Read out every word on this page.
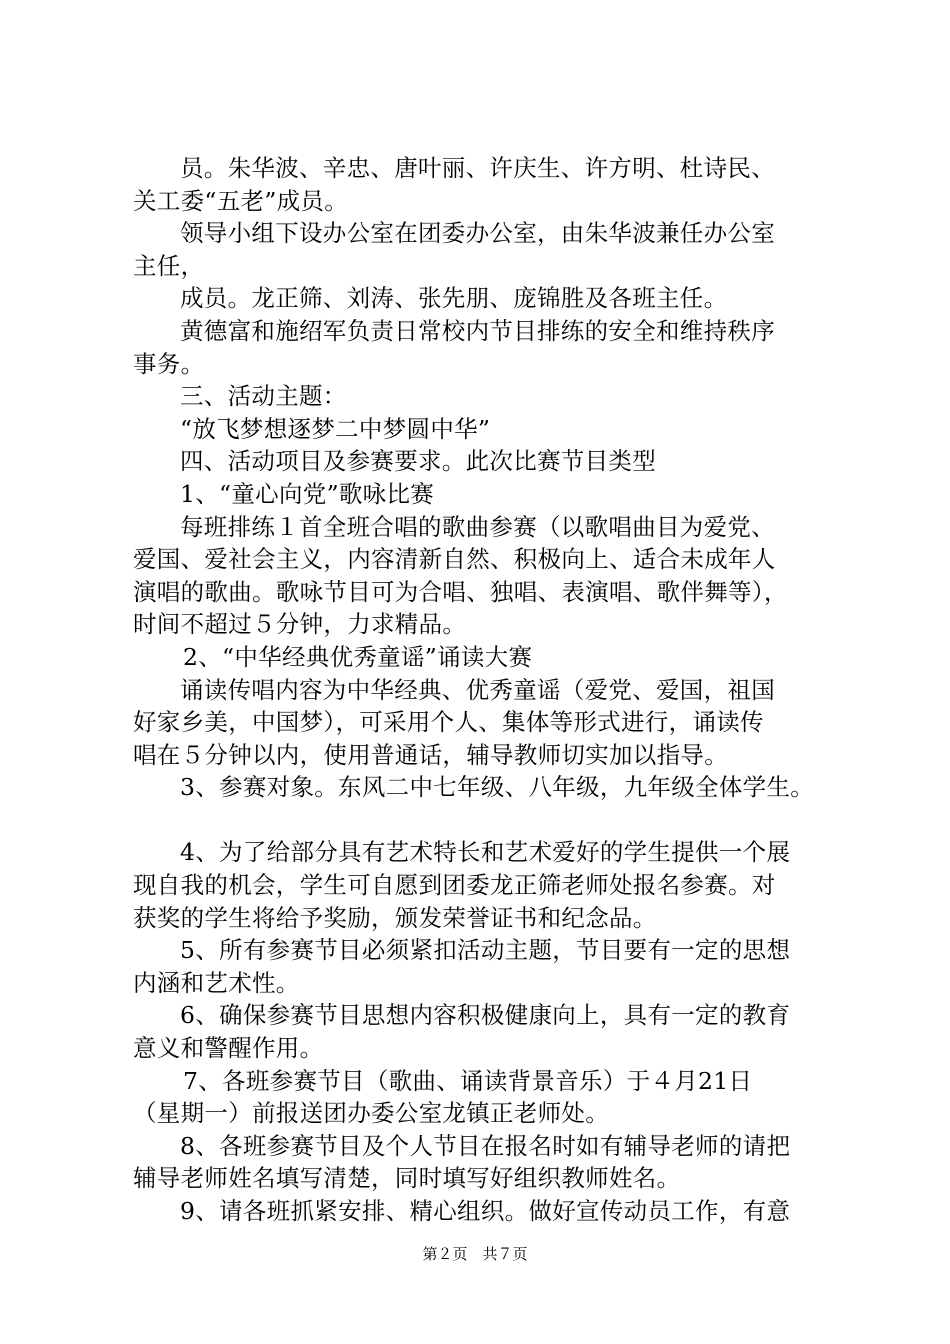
员。朱华波、辛忠、唐叶丽、许庆生、许方明、杜诗民、
关工委“五老”成员。
领导小组下设办公室在团委办公室，由朱华波兼任办公室
主任，
成员。龙正筛、刘涛、张先朋、庞锦胜及各班主任。
黄德富和施绍军负责日常校内节目排练的安全和维持秩序
事务。
三、活动主题：
“放飞梦想逐梦二中梦圆中华”
四、活动项目及参赛要求。此次比赛节目类型
1、“童心向党”歌咏比赛
每班排练１首全班合唱的歌曲参赛（以歌唱曲目为爱党、
爱国、爱社会主义，内容清新自然、积极向上、适合未成年人
演唱的歌曲。歌咏节目可为合唱、独唱、表演唱、歌伴舞等），
时间不超过５分钟，力求精品。
2、“中华经典优秀童谣”诵读大赛
诵读传唱内容为中华经典、优秀童谣（爱党、爱国，祖国
好家乡美，中国梦），可采用个人、集体等形式进行，诵读传
唱在５分钟以内，使用普通话，辅导教师切实加以指导。
3、参赛对象。东风二中七年级、八年级，九年级全体学生。
4、为了给部分具有艺术特长和艺术爱好的学生提供一个展
现自我的机会，学生可自愿到团委龙正筛老师处报名参赛。对
获奖的学生将给予奖励，颁发荣誉证书和纪念品。
5、所有参赛节目必须紧扣活动主题，节目要有一定的思想
内涵和艺术性。
6、确保参赛节目思想内容积极健康向上，具有一定的教育
意义和警醒作用。
7、各班参赛节目（歌曲、诵读背景音乐）于４月21日
（星期一）前报送团办委公室龙镇正老师处。
8、各班参赛节目及个人节目在报名时如有辅导老师的请把
辅导老师姓名填写清楚，同时填写好组织教师姓名。
9、请各班抓紧安排、精心组织。做好宣传动员工作，有意
第２页　共７页
